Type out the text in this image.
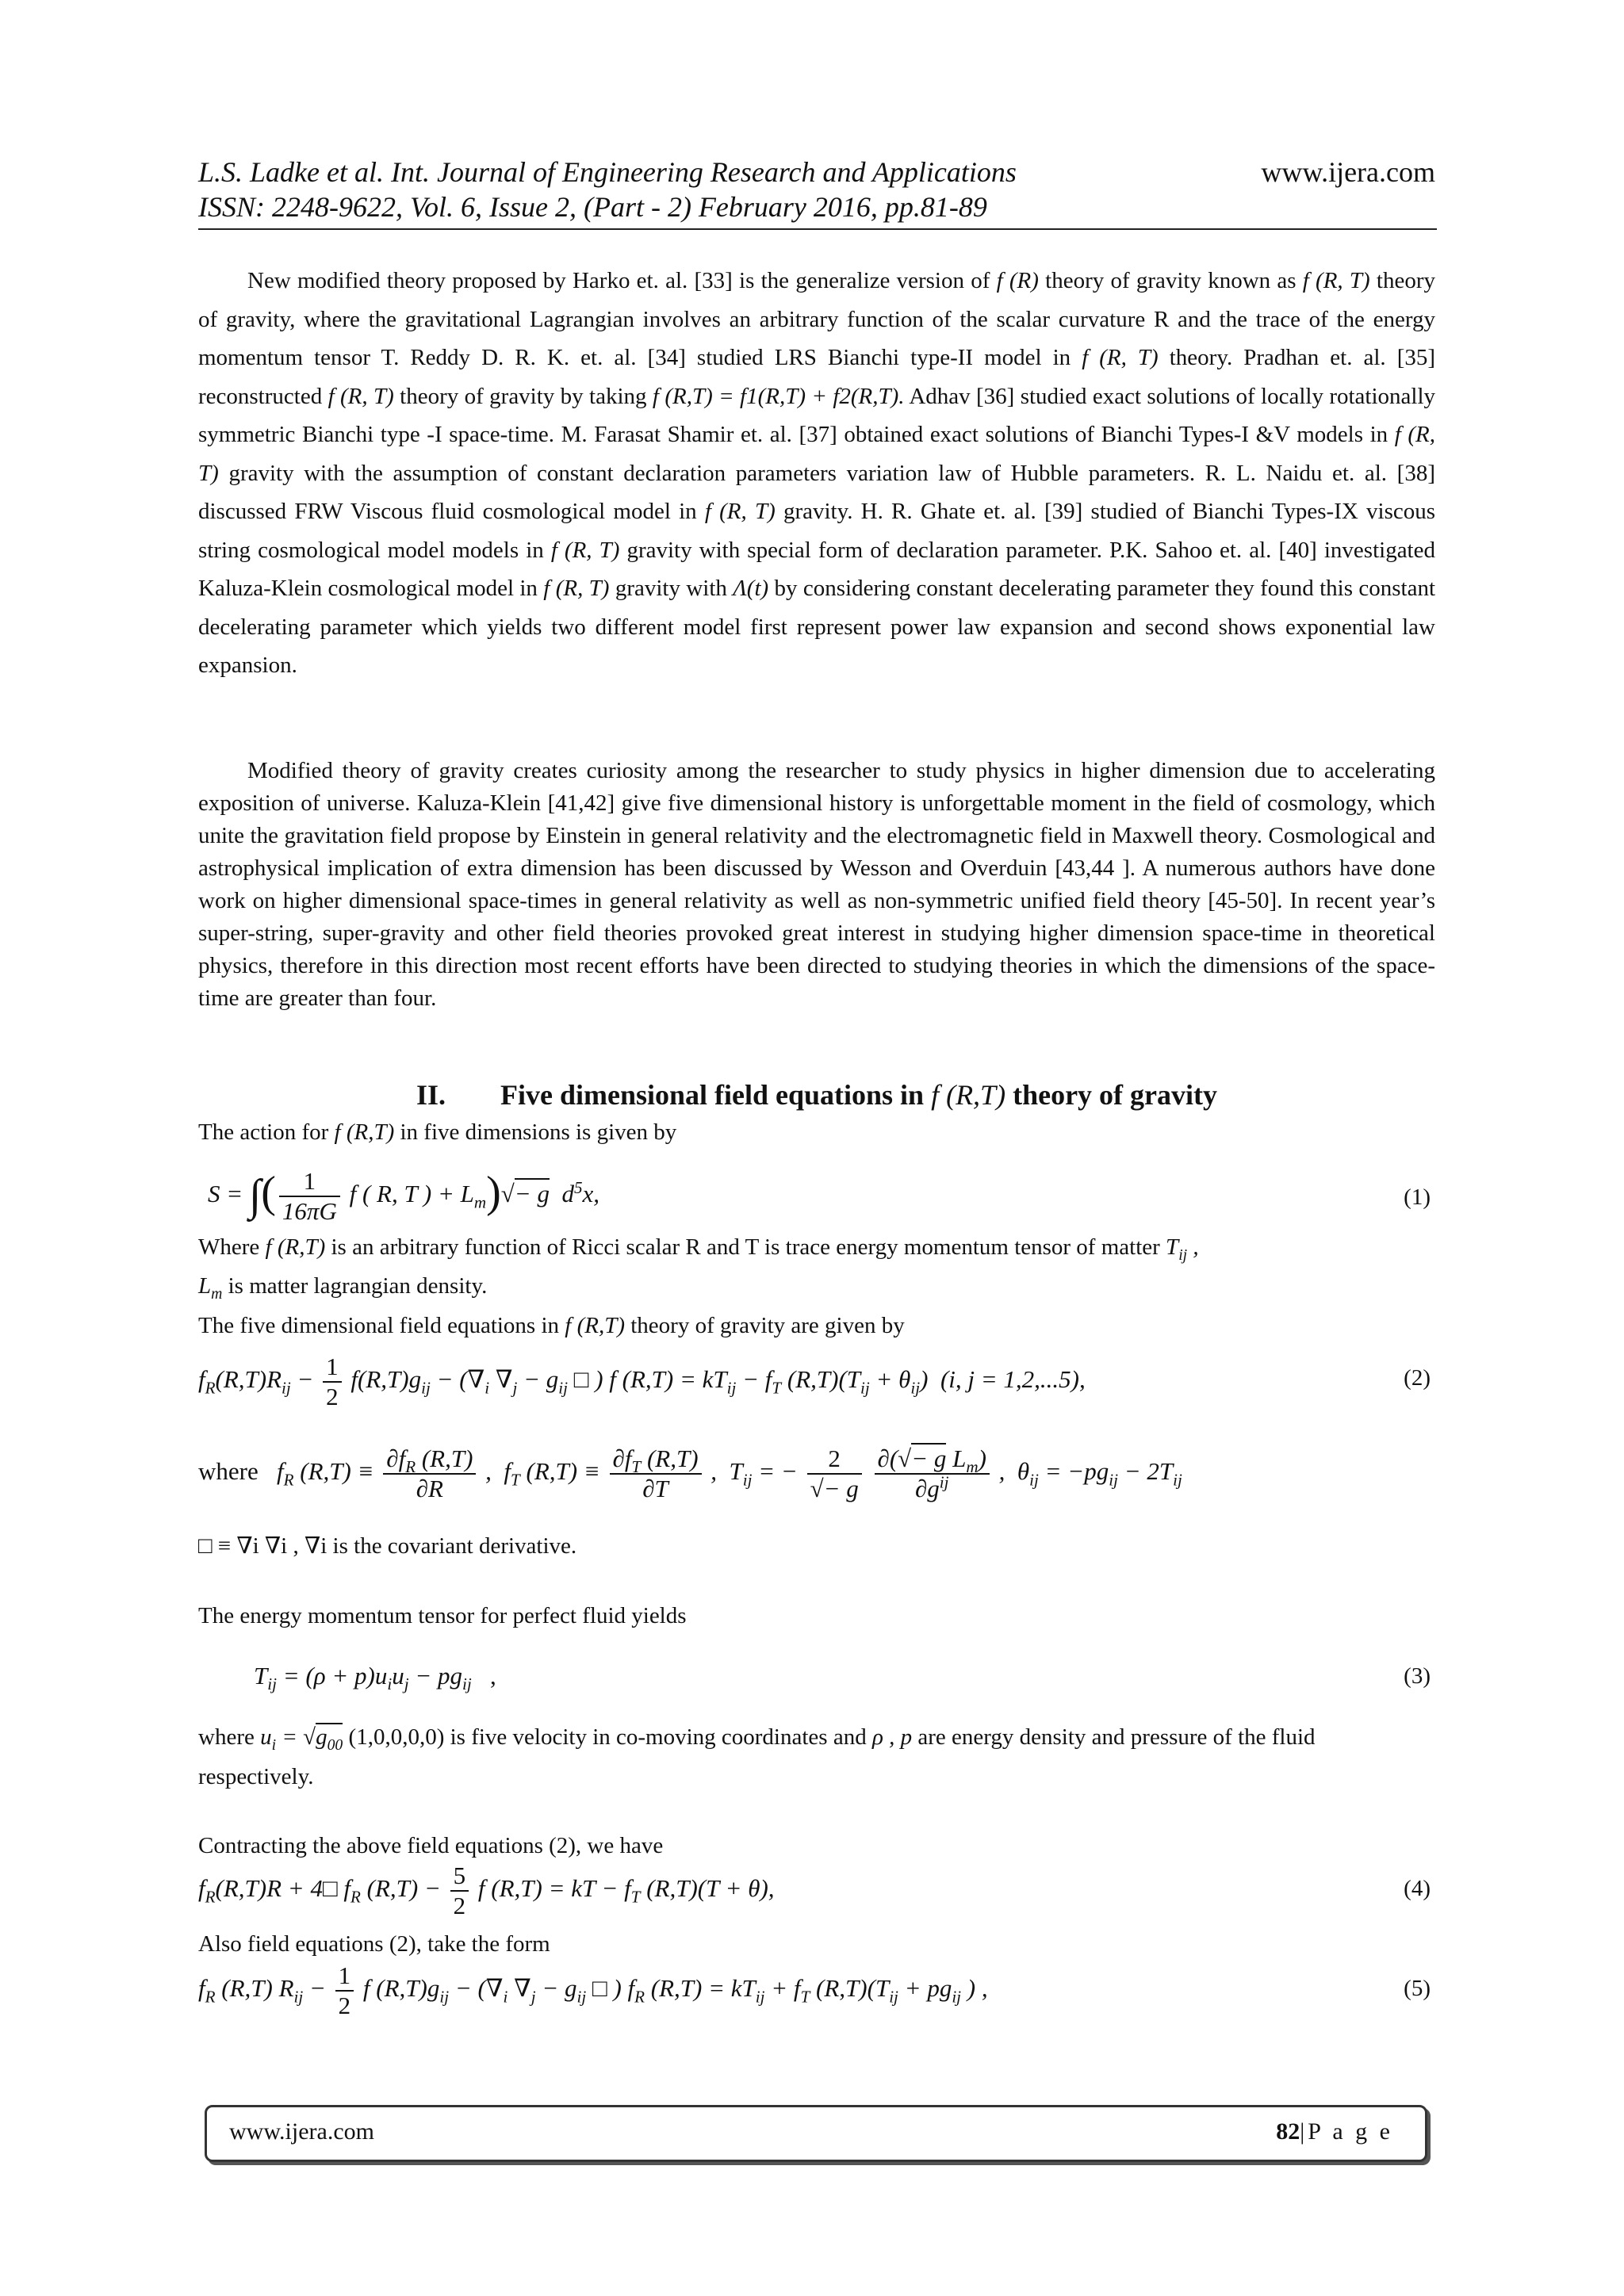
L.S. Ladke et al. Int. Journal of Engineering Research and Applications	www.ijera.com
ISSN: 2248-9622, Vol. 6, Issue 2, (Part - 2) February 2016, pp.81-89
New modified theory proposed by Harko et. al. [33] is the generalize version of f (R) theory of gravity known as f (R, T) theory of gravity, where the gravitational Lagrangian involves an arbitrary function of the scalar curvature R and the trace of the energy momentum tensor T. Reddy D. R. K. et. al. [34] studied LRS Bianchi type-II model in f (R, T) theory. Pradhan et. al. [35] reconstructed f (R, T) theory of gravity by taking f (R,T) = f1(R,T) + f2(R,T). Adhav [36] studied exact solutions of locally rotationally symmetric Bianchi type -I space-time. M. Farasat Shamir et. al. [37] obtained exact solutions of Bianchi Types-I &V models in f (R, T) gravity with the assumption of constant declaration parameters variation law of Hubble parameters. R. L. Naidu et. al. [38] discussed FRW Viscous fluid cosmological model in f (R, T) gravity. H. R. Ghate et. al. [39] studied of Bianchi Types-IX viscous string cosmological model models in f (R, T) gravity with special form of declaration parameter. P.K. Sahoo et. al. [40] investigated Kaluza-Klein cosmological model in f (R, T) gravity with Λ(t) by considering constant decelerating parameter they found this constant decelerating parameter which yields two different model first represent power law expansion and second shows exponential law expansion.
Modified theory of gravity creates curiosity among the researcher to study physics in higher dimension due to accelerating exposition of universe. Kaluza-Klein [41,42] give five dimensional history is unforgettable moment in the field of cosmology, which unite the gravitation field propose by Einstein in general relativity and the electromagnetic field in Maxwell theory. Cosmological and astrophysical implication of extra dimension has been discussed by Wesson and Overduin [43,44 ]. A numerous authors have done work on higher dimensional space-times in general relativity as well as non-symmetric unified field theory [45-50]. In recent year’s super-string, super-gravity and other field theories provoked great interest in studying higher dimension space-time in theoretical physics, therefore in this direction most recent efforts have been directed to studying theories in which the dimensions of the space-time are greater than four.
II. Five dimensional field equations in f (R,T) theory of gravity
The action for f (R,T) in five dimensions is given by
S = ∫( $\frac{1}{16\pi G}$ f ( R, T ) + $L_m)√- g$  $d^5x$,	(1)
Where f (R,T) is an arbitrary function of Ricci scalar R and T is trace energy momentum tensor of matter $T_{ij}$ ,
$L_m$ is matter lagrangian density.
The five dimensional field equations in f (R,T) theory of gravity are given by
$f_R(R,T)R_{ij} - \frac{1}{2} f(R,T)g_{ij} - (\nabla_i$ $\nabla_j - g_{ij}$ □ ) f $(R,T) = kT_{ij} - f_T$ $(R,T)(T_{ij} + \theta_{ij})$  (i, j = 1,2,...5),	(2)
where   $f_R$ $(R,T) \equiv \frac{\partial f_R (R,T)}{\partial R}$ ,  $f_T$ $(R,T) \equiv \frac{\partial f_T (R,T)}{\partial T}$ ,  $T_{ij}$ = − $\frac{2}{√- g}$
$\frac{\partial(√- g L_m)}{\partial g^{ij}}$ ,  $\theta_{ij} = -pg_{ij} - 2T_{ij}$
□ ≡ ∇i ∇i , ∇i is the covariant derivative.
The energy momentum tensor for perfect fluid yields
$T_{ij} = (\rho + p)u_iu_j - pg_{ij}$ ,	(3)
where $u_i = √g_{00}$ (1,0,0,0,0) is five velocity in co-moving coordinates and ρ , p are energy density and pressure of the fluid respectively.
Contracting the above field equations (2), we have
$f_R(R,T)R$ + 4□ $f_R$ $(R,T) - \frac{5}{2}$ f (R,T) = kT − $f_T$ (R,T)(T + θ),	(4)
Also field equations (2), take the form
$f_R$ (R,T) $R_{ij} - \frac{1}{2}$ f $(R,T)g_{ij} - (\nabla_i$ $\nabla_j - g_{ij}$ □ ) $f_R$ $(R,T) = kT_{ij} + f_T$ $(R,T)(T_{ij} + pg_{ij}$ ) ,	(5)
www.ijera.com	82|P a g e
